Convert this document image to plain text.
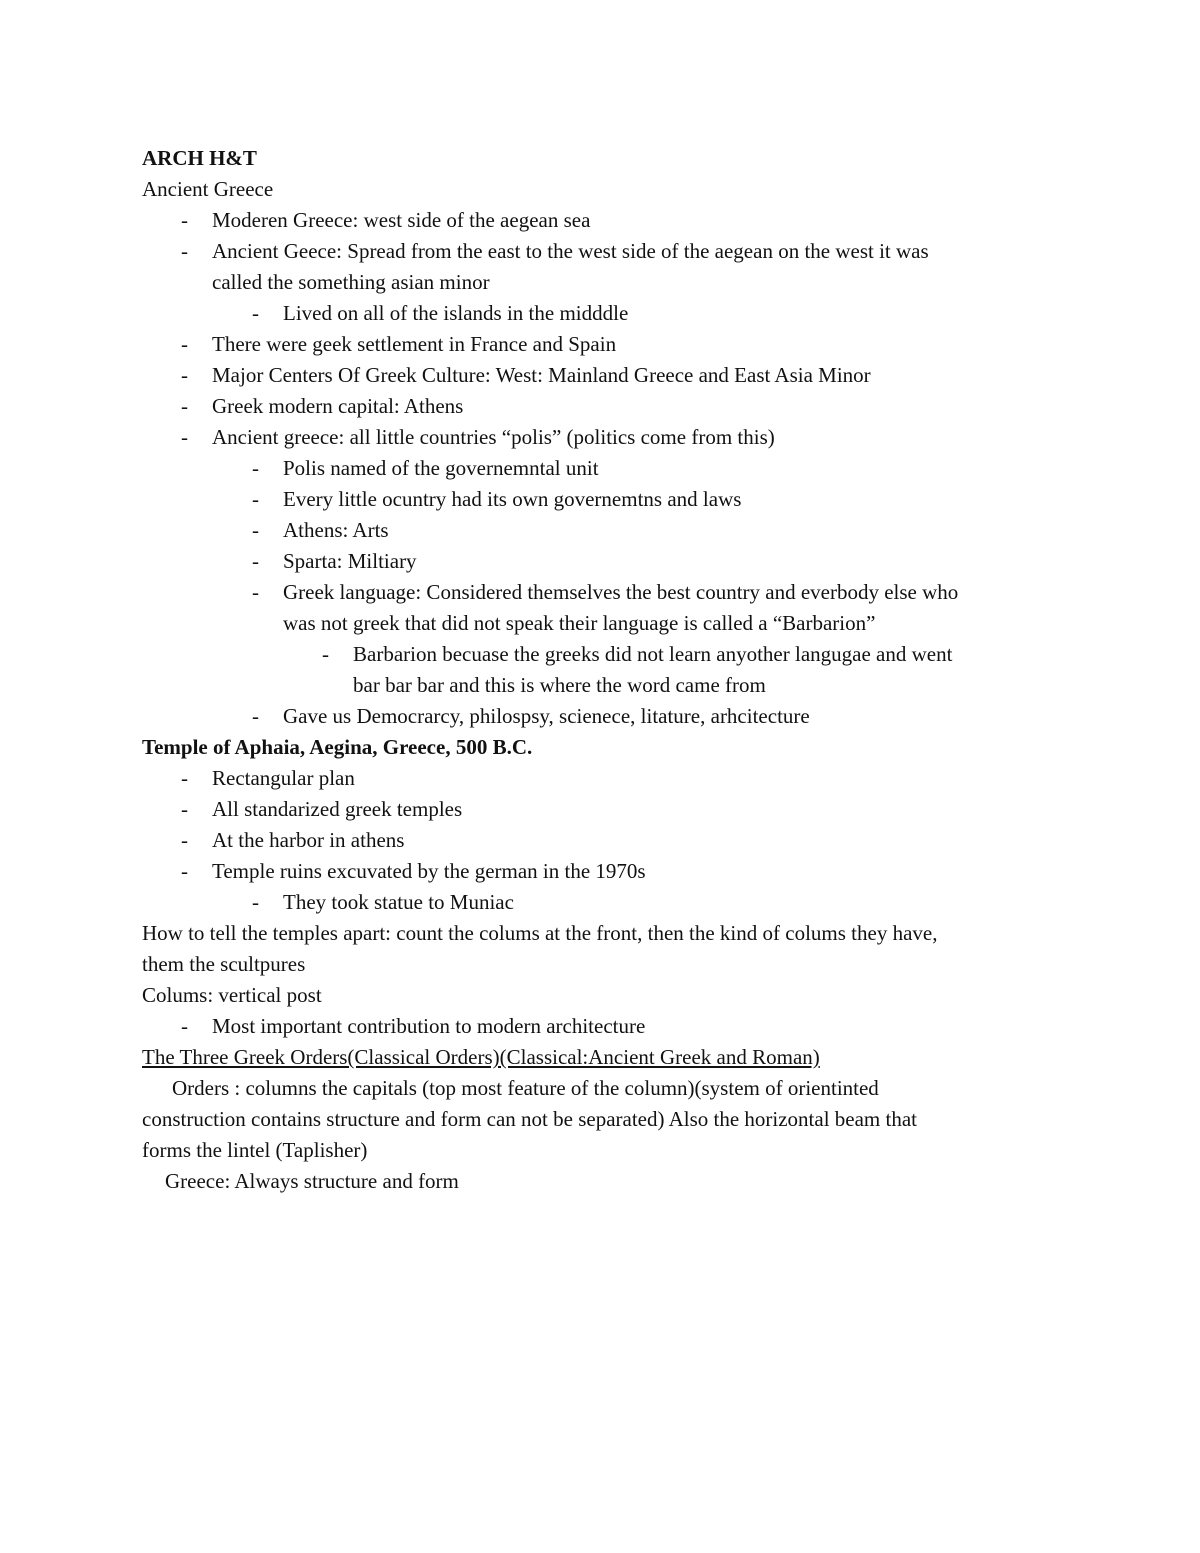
ARCH H&T
Ancient Greece
- Moderen Greece: west side of the aegean sea
- Ancient Geece: Spread from the east to the west side of the aegean on the west it was
called the something asian minor
- Lived on all of the islands in the midddle
- There were geek settlement in France and Spain
- Major Centers Of Greek Culture: West: Mainland Greece and East Asia Minor
- Greek modern capital: Athens
- Ancient greece: all little countries “polis” (politics come from this)
- Polis named of the governemntal unit
- Every little ocuntry had its own governemtns and laws
- Athens: Arts
- Sparta: Miltiary
- Greek language: Considered themselves the best country and everbody else who
was not greek that did not speak their language is called a “Barbarion”
- Barbarion becuase the greeks did not learn anyother langugae and went
bar bar bar and this is where the word came from
- Gave us Democrarcy, philospsy, scienece, litature, arhcitecture
Temple of Aphaia, Aegina, Greece, 500 B.C.
- Rectangular plan
- All standarized greek temples
- At the harbor in athens
- Temple ruins excuvated by the german in the 1970s
- They took statue to Muniac
How to tell the temples apart: count the colums at the front, then the kind of colums they have,
them the scultpures
Colums: vertical post
- Most important contribution to modern architecture
The Three Greek Orders(Classical Orders)(Classical:Ancient Greek and Roman)
Orders : columns the capitals (top most feature of the column)(system of orientinted
construction contains structure and form can not be separated) Also the horizontal beam that
forms the lintel (Taplisher)
Greece: Always structure and form
